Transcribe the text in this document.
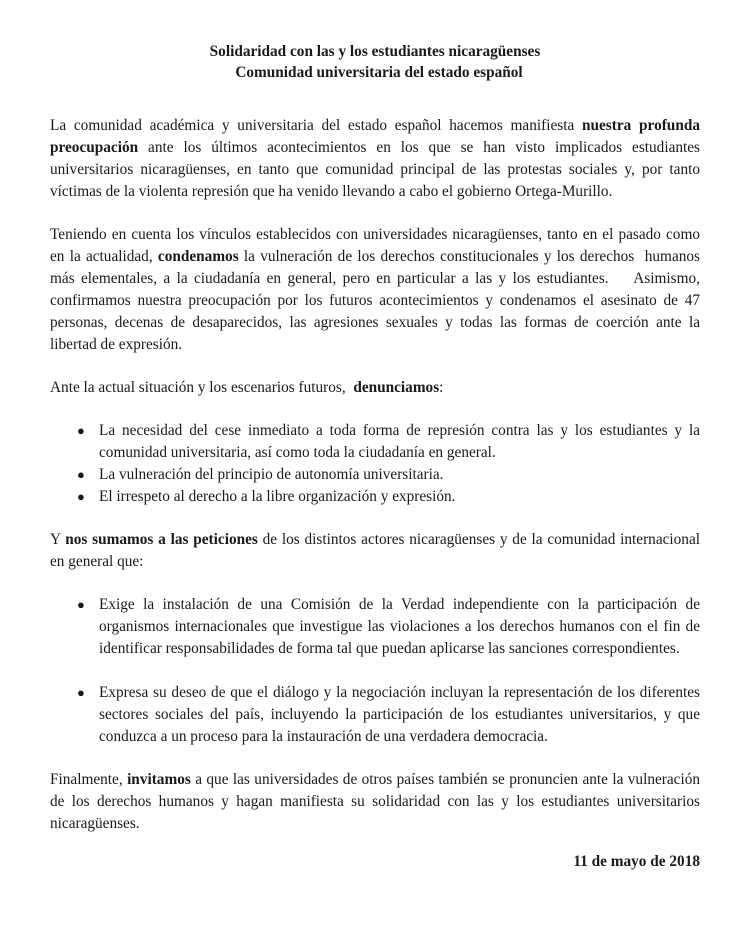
Solidaridad con las y los estudiantes nicaragüenses
Comunidad universitaria del estado español

La comunidad académica y universitaria del estado español hacemos manifiesta nuestra profunda preocupación ante los últimos acontecimientos en los que se han visto implicados estudiantes universitarios nicaragüenses, en tanto que comunidad principal de las protestas sociales y, por tanto víctimas de la violenta represión que ha venido llevando a cabo el gobierno Ortega-Murillo.

Teniendo en cuenta los vínculos establecidos con universidades nicaragüenses, tanto en el pasado como en la actualidad, condenamos la vulneración de los derechos constitucionales y los derechos  humanos más elementales, a la ciudadanía en general, pero en particular a las y los estudiantes.    Asimismo, confirmamos nuestra preocupación por los futuros acontecimientos y condenamos el asesinato de 47 personas, decenas de desaparecidos, las agresiones sexuales y todas las formas de coerción ante la libertad de expresión.

Ante la actual situación y los escenarios futuros,  denunciamos:

● La necesidad del cese inmediato a toda forma de represión contra las y los estudiantes y la comunidad universitaria, así como toda la ciudadanía en general.
● La vulneración del principio de autonomía universitaria.
● El irrespeto al derecho a la libre organización y expresión.

Y nos sumamos a las peticiones de los distintos actores nicaragüenses y de la comunidad internacional en general que:

● Exige la instalación de una Comisión de la Verdad independiente con la participación de organismos internacionales que investigue las violaciones a los derechos humanos con el fin de identificar responsabilidades de forma tal que puedan aplicarse las sanciones correspondientes.
● Expresa su deseo de que el diálogo y la negociación incluyan la representación de los diferentes sectores sociales del país, incluyendo la participación de los estudiantes universitarios, y que conduzca a un proceso para la instauración de una verdadera democracia.

Finalmente, invitamos a que las universidades de otros países también se pronuncien ante la vulneración de los derechos humanos y hagan manifiesta su solidaridad con las y los estudiantes universitarios nicaragüenses.

11 de mayo de 2018
